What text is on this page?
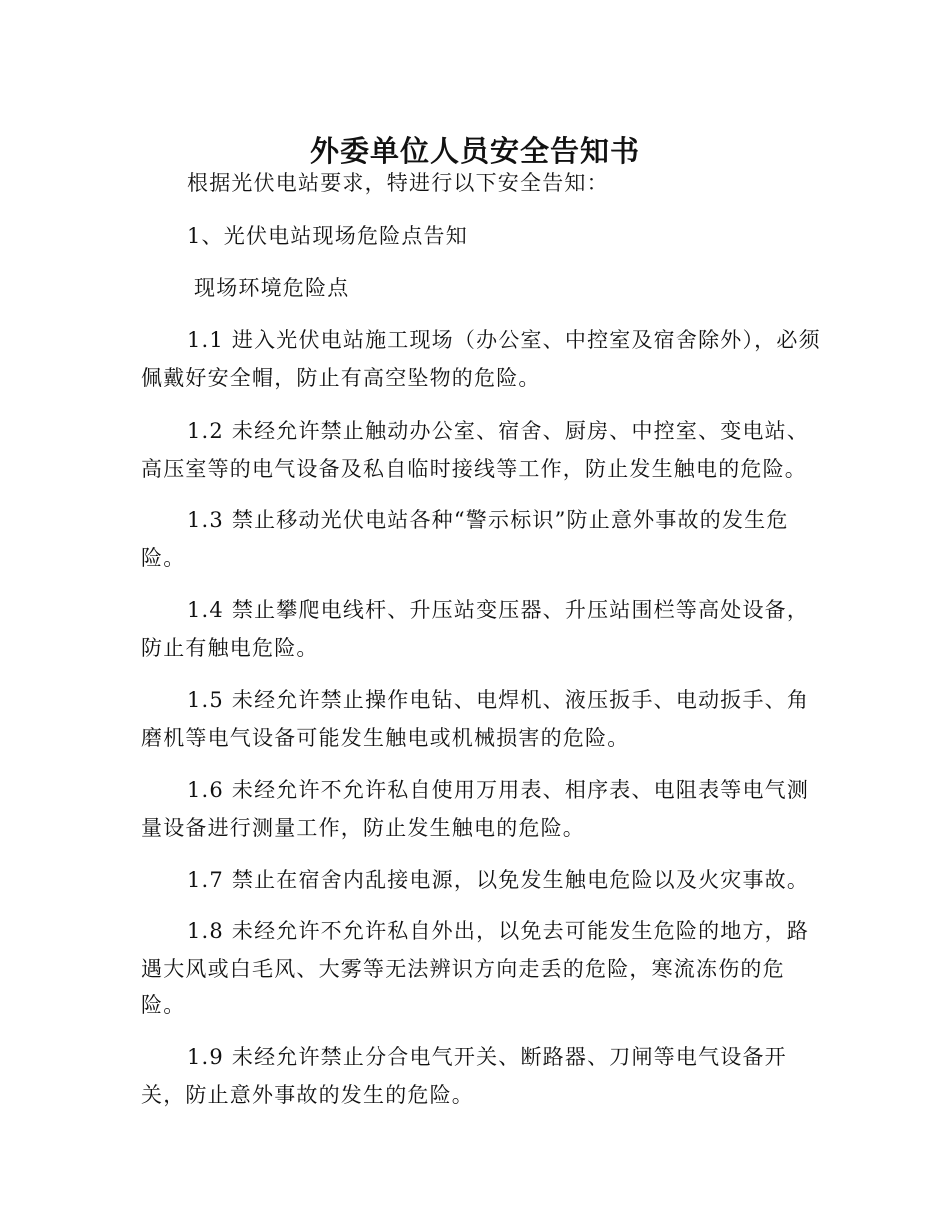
外委单位人员安全告知书
根据光伏电站要求，特进行以下安全告知：
1、光伏电站现场危险点告知
现场环境危险点
1.1 进入光伏电站施工现场（办公室、中控室及宿舍除外），必须
佩戴好安全帽，防止有高空坠物的危险。
1.2 未经允许禁止触动办公室、宿舍、厨房、中控室、变电站、
高压室等的电气设备及私自临时接线等工作，防止发生触电的危险。
1.3 禁止移动光伏电站各种“警示标识”防止意外事故的发生危
险。
1.4 禁止攀爬电线杆、升压站变压器、升压站围栏等高处设备，
防止有触电危险。
1.5 未经允许禁止操作电钻、电焊机、液压扳手、电动扳手、角
磨机等电气设备可能发生触电或机械损害的危险。
1.6 未经允许不允许私自使用万用表、相序表、电阻表等电气测
量设备进行测量工作，防止发生触电的危险。
1.7 禁止在宿舍内乱接电源，以免发生触电危险以及火灾事故。
1.8 未经允许不允许私自外出，以免去可能发生危险的地方，路
遇大风或白毛风、大雾等无法辨识方向走丢的危险，寒流冻伤的危
险。
1.9 未经允许禁止分合电气开关、断路器、刀闸等电气设备开
关，防止意外事故的发生的危险。
